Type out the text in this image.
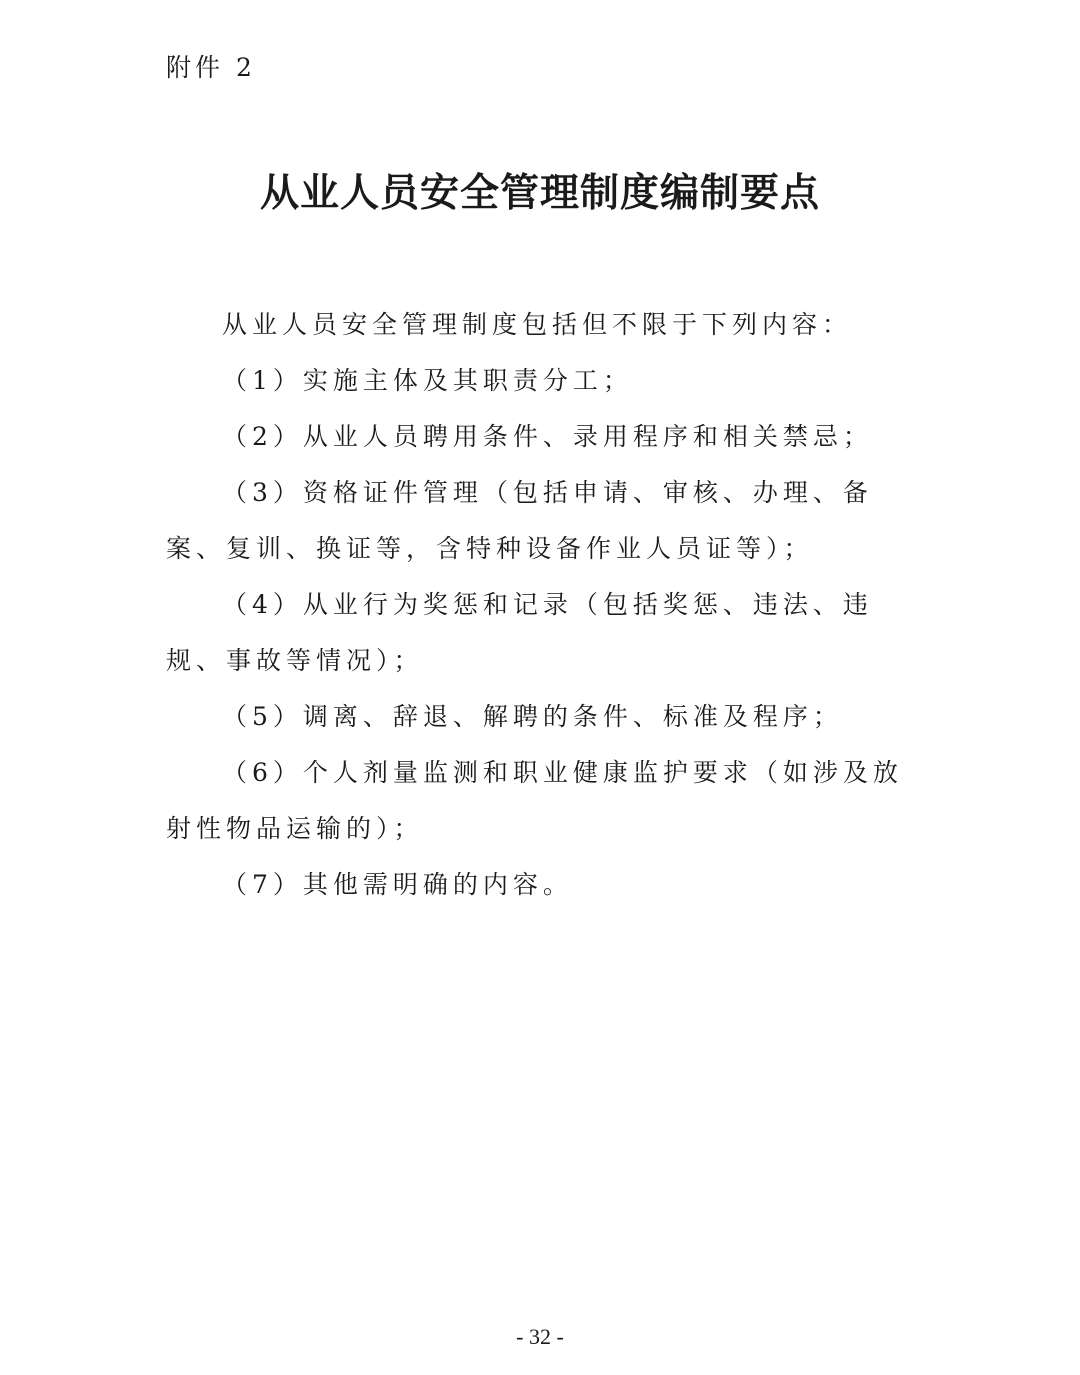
附件 2
从业人员安全管理制度编制要点

从业人员安全管理制度包括但不限于下列内容：

（1）实施主体及其职责分工；

（2）从业人员聘用条件、录用程序和相关禁忌；

（3）资格证件管理（包括申请、审核、办理、备案、复训、换证等，含特种设备作业人员证等）；

（4）从业行为奖惩和记录（包括奖惩、违法、违规、事故等情况）；

（5）调离、辞退、解聘的条件、标准及程序；

（6）个人剂量监测和职业健康监护要求（如涉及放射性物品运输的）；

（7）其他需明确的内容。

- 32 -
